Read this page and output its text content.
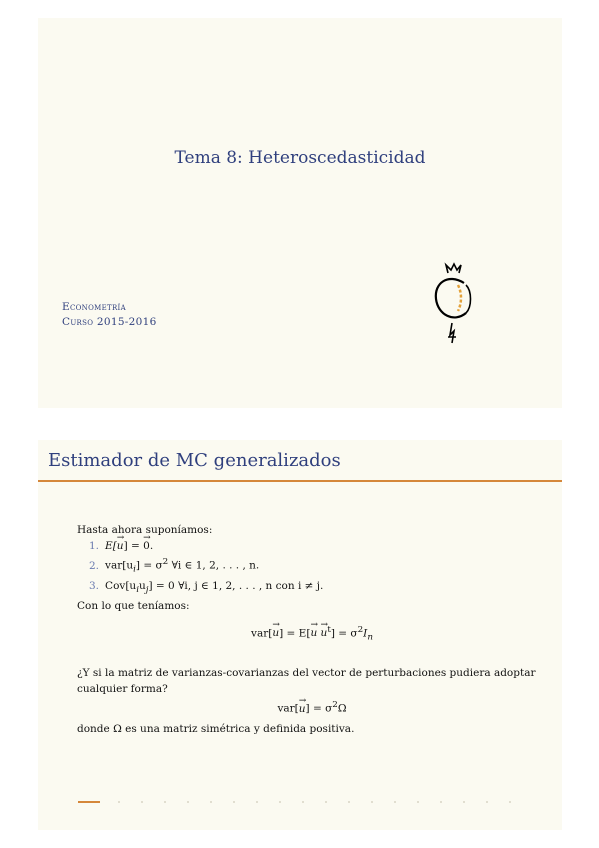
Tema 8: Heteroscedasticidad
Econometría
Curso 2015-2016
Estimador de MC generalizados
Hasta ahora suponíamos:
1. E[→ u] = → 0.
2. $var[u_i] = \sigma^2$ ∀i ∈ 1, 2, . . . , n.
3. $Cov[u_iu_j] = 0$ ∀i, j ∈ 1, 2, . . . , n con i ≠ j.
Con lo que teníamos:
$var[\to u] = E[\to u \to u^t] = \sigma^2I_n$
¿Y si la matriz de varianzas-covarianzas del vector de perturbaciones pudiera adoptar cualquier forma?
$var[\to u] = \sigma^2\Omega$
donde Ω es una matriz simétrica y definida positiva.
